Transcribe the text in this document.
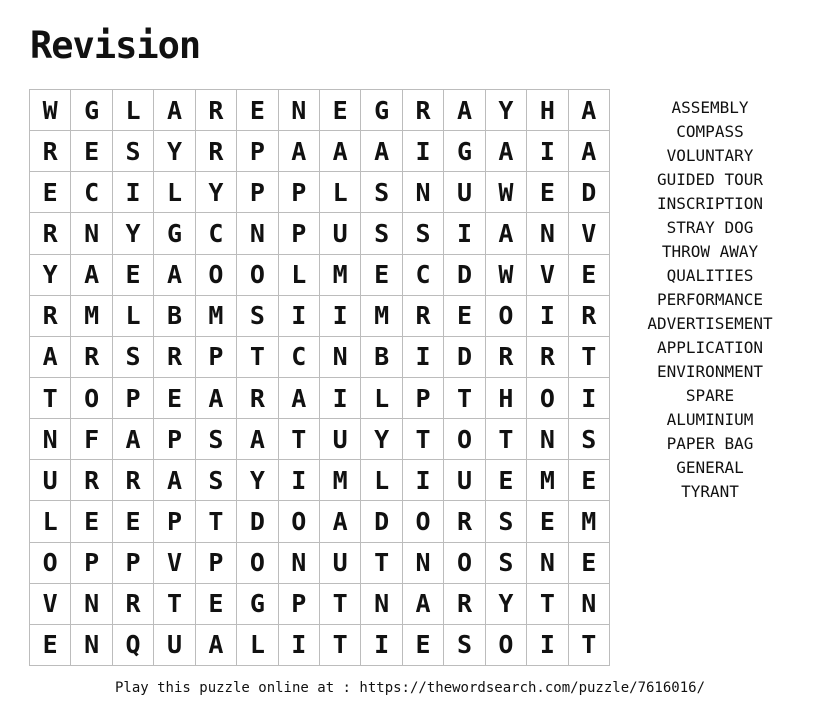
Revision
W	G	L	A	R	E	N	E	G	R	A	Y	H	A
R	E	S	Y	R	P	A	A	A	I	G	A	I	A
E	C	I	L	Y	P	P	L	S	N	U	W	E	D
R	N	Y	G	C	N	P	U	S	S	I	A	N	V
Y	A	E	A	O	O	L	M	E	C	D	W	V	E
R	M	L	B	M	S	I	I	M	R	E	O	I	R
A	R	S	R	P	T	C	N	B	I	D	R	R	T
T	O	P	E	A	R	A	I	L	P	T	H	O	I
N	F	A	P	S	A	T	U	Y	T	O	T	N	S
U	R	R	A	S	Y	I	M	L	I	U	E	M	E
L	E	E	P	T	D	O	A	D	O	R	S	E	M
O	P	P	V	P	O	N	U	T	N	O	S	N	E
V	N	R	T	E	G	P	T	N	A	R	Y	T	N
E	N	Q	U	A	L	I	T	I	E	S	O	I	T
ASSEMBLY
COMPASS
VOLUNTARY
GUIDED TOUR
INSCRIPTION
STRAY DOG
THROW AWAY
QUALITIES
PERFORMANCE
ADVERTISEMENT
APPLICATION
ENVIRONMENT
SPARE
ALUMINIUM
PAPER BAG
GENERAL
TYRANT
Play this puzzle online at : https://thewordsearch.com/puzzle/7616016/
